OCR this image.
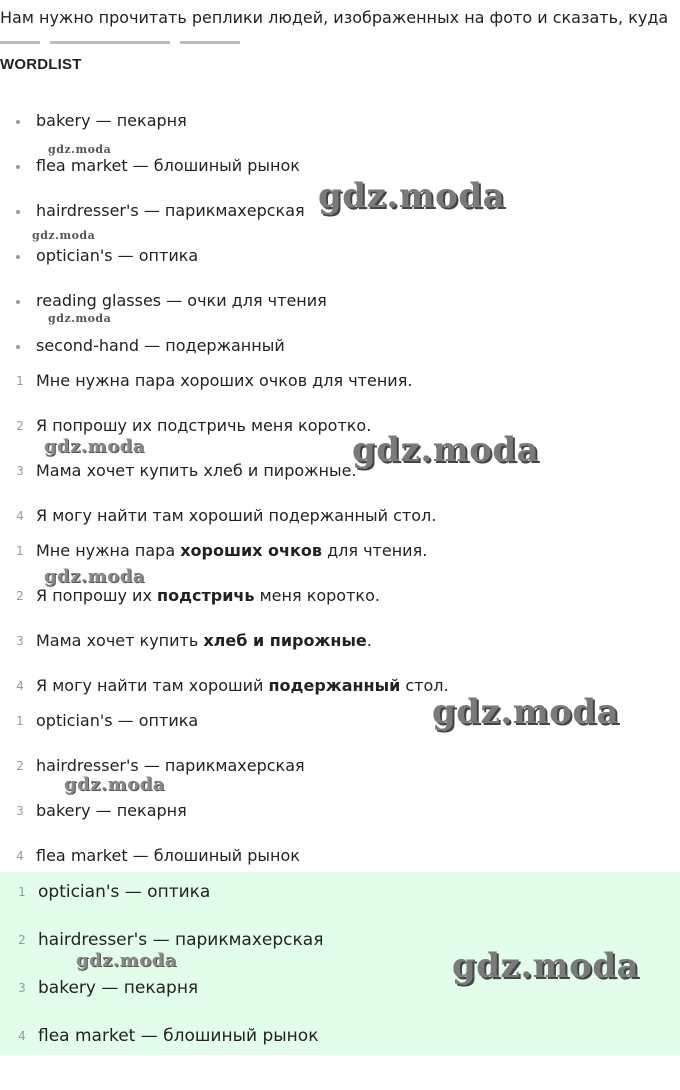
Нам нужно прочитать реплики людей, изображенных на фото и сказать, куда
WORDLIST
bakery — пекарня
flea market — блошиный рынок
hairdresser's — парикмахерская
optician's — оптика
reading glasses — очки для чтения
second-hand — подержанный
1 Мне нужна пара хороших очков для чтения.
2 Я попрошу их подстричь меня коротко.
3 Мама хочет купить хлеб и пирожные.
4 Я могу найти там хороший подержанный стол.
1 Мне нужна пара хороших очков для чтения.
2 Я попрошу их подстричь меня коротко.
3 Мама хочет купить хлеб и пирожные.
4 Я могу найти там хороший подержанный стол.
1 optician's — оптика
2 hairdresser's — парикмахерская
3 bakery — пекарня
4 flea market — блошиный рынок
1 optician's — оптика
2 hairdresser's — парикмахерская
3 bakery — пекарня
4 flea market — блошиный рынок
gdz.moda
gdz.moda
gdz.moda
gdz.moda
gdz.moda	gdz.moda
gdz.moda
gdz.moda
gdz.moda
gdz.moda	gdz.moda
